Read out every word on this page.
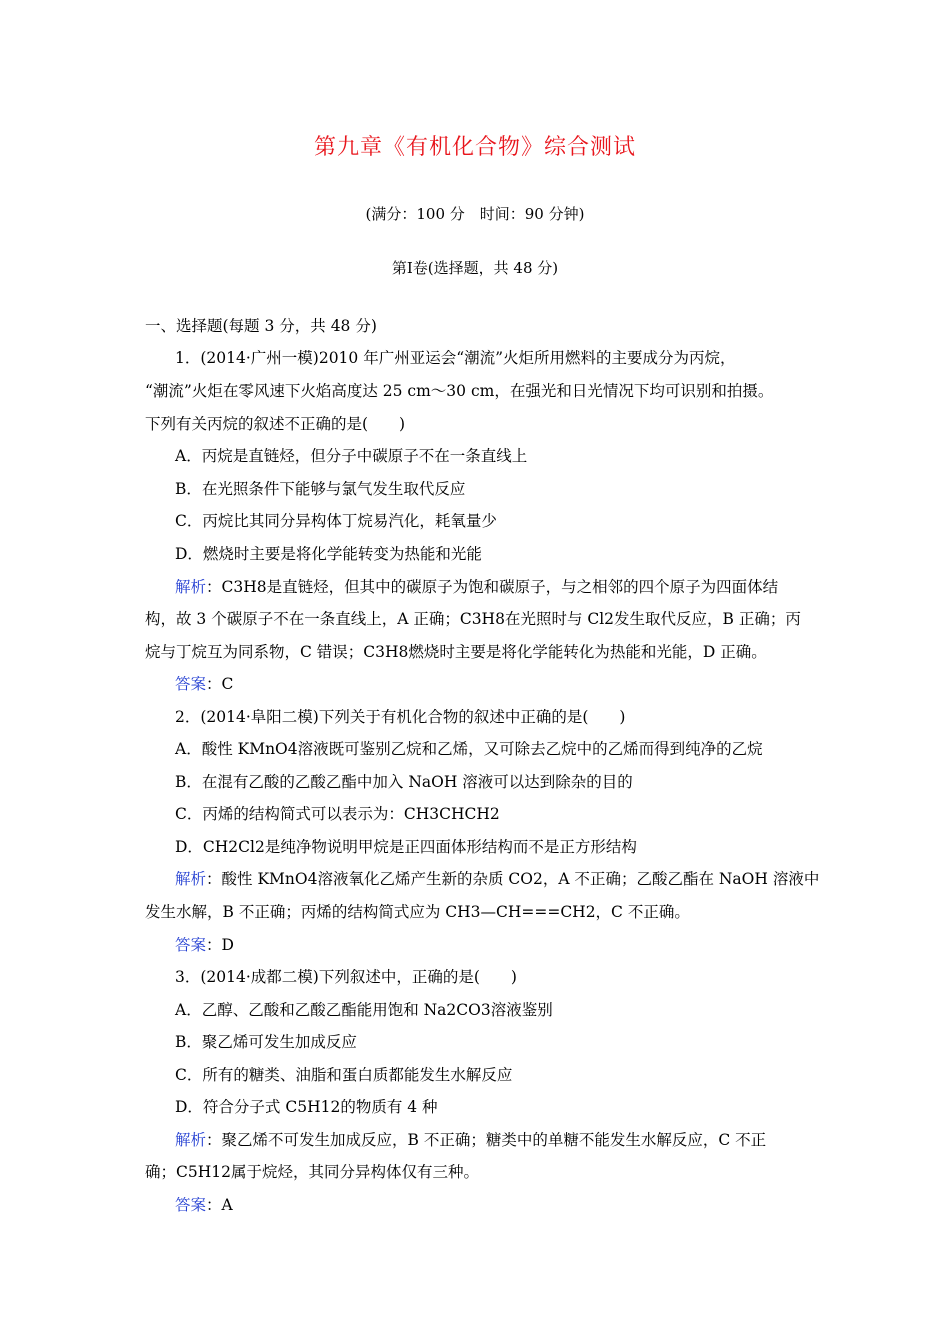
第九章《有机化合物》综合测试
(满分：100 分　时间：90 分钟)
第Ⅰ卷(选择题，共 48 分)
一、选择题(每题 3 分，共 48 分)
1．(2014·广州一模)2010 年广州亚运会“潮流”火炬所用燃料的主要成分为丙烷，
“潮流”火炬在零风速下火焰高度达 25 cm～30 cm，在强光和日光情况下均可识别和拍摄。
下列有关丙烷的叙述不正确的是(　　)
A．丙烷是直链烃，但分子中碳原子不在一条直线上
B．在光照条件下能够与氯气发生取代反应
C．丙烷比其同分异构体丁烷易汽化，耗氧量少
D．燃烧时主要是将化学能转变为热能和光能
解析：C3H8是直链烃，但其中的碳原子为饱和碳原子，与之相邻的四个原子为四面体结
构，故 3 个碳原子不在一条直线上，A 正确；C3H8在光照时与 Cl2发生取代反应，B 正确；丙
烷与丁烷互为同系物，C 错误；C3H8燃烧时主要是将化学能转化为热能和光能，D 正确。
答案：C
2．(2014·阜阳二模)下列关于有机化合物的叙述中正确的是(　　)
A．酸性 KMnO4溶液既可鉴别乙烷和乙烯，又可除去乙烷中的乙烯而得到纯净的乙烷
B．在混有乙酸的乙酸乙酯中加入 NaOH 溶液可以达到除杂的目的
C．丙烯的结构简式可以表示为：CH3CHCH2
D．CH2Cl2是纯净物说明甲烷是正四面体形结构而不是正方形结构
解析：酸性 KMnO4溶液氧化乙烯产生新的杂质 CO2，A 不正确；乙酸乙酯在 NaOH 溶液中
发生水解，B 不正确；丙烯的结构简式应为 CH3—CH===CH2，C 不正确。
答案：D
3．(2014·成都二模)下列叙述中，正确的是(　　)
A．乙醇、乙酸和乙酸乙酯能用饱和 Na2CO3溶液鉴别
B．聚乙烯可发生加成反应
C．所有的糖类、油脂和蛋白质都能发生水解反应
D．符合分子式 C5H12的物质有 4 种
解析：聚乙烯不可发生加成反应，B 不正确；糖类中的单糖不能发生水解反应，C 不正
确；C5H12属于烷烃，其同分异构体仅有三种。
答案：A
